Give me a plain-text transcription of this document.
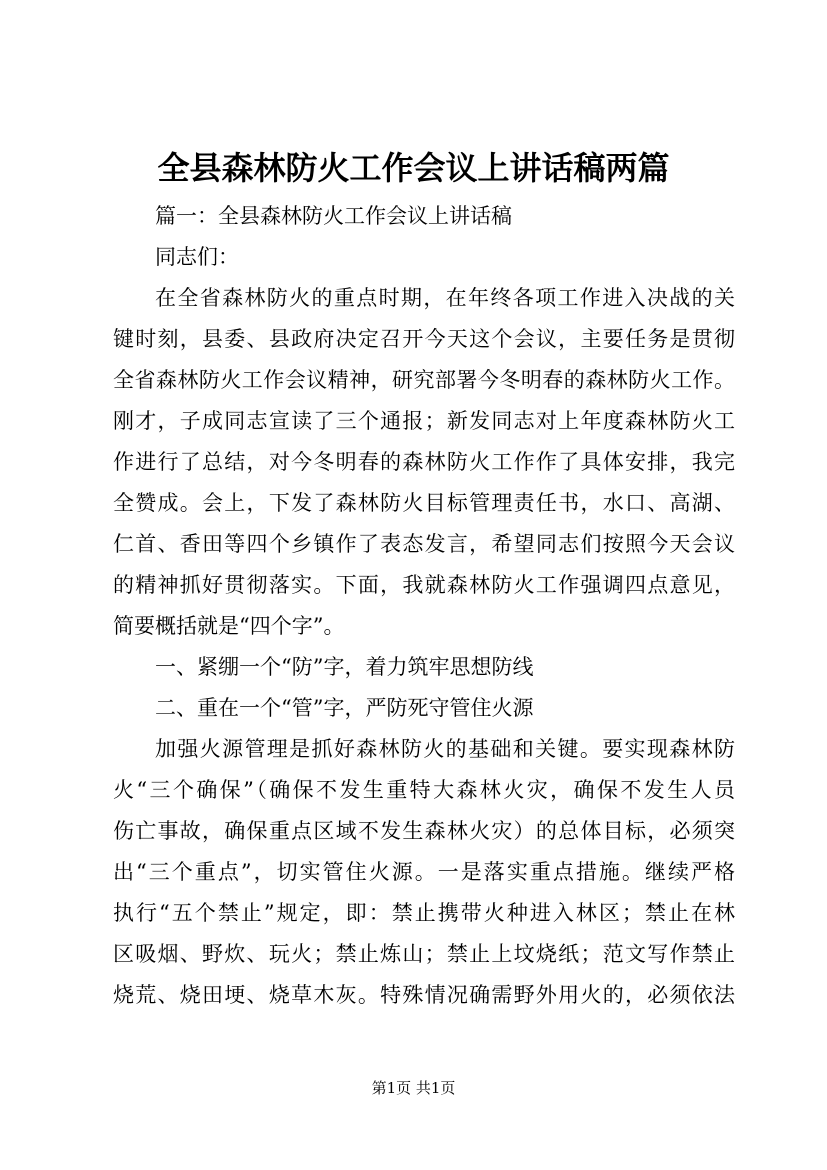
全县森林防火工作会议上讲话稿两篇
篇一：全县森林防火工作会议上讲话稿
同志们：
在全省森林防火的重点时期，在年终各项工作进入决战的关
键时刻，县委、县政府决定召开今天这个会议，主要任务是贯彻
全省森林防火工作会议精神，研究部署今冬明春的森林防火工作。
刚才，子成同志宣读了三个通报；新发同志对上年度森林防火工
作进行了总结，对今冬明春的森林防火工作作了具体安排，我完
全赞成。会上，下发了森林防火目标管理责任书，水口、高湖、
仁首、香田等四个乡镇作了表态发言，希望同志们按照今天会议
的精神抓好贯彻落实。下面，我就森林防火工作强调四点意见，
简要概括就是“四个字”。
一、紧绷一个“防”字，着力筑牢思想防线
二、重在一个“管”字，严防死守管住火源
加强火源管理是抓好森林防火的基础和关键。要实现森林防
火“三个确保”（确保不发生重特大森林火灾，确保不发生人员
伤亡事故，确保重点区域不发生森林火灾）的总体目标，必须突
出“三个重点”，切实管住火源。一是落实重点措施。继续严格
执行“五个禁止”规定，即：禁止携带火种进入林区；禁止在林
区吸烟、野炊、玩火；禁止炼山；禁止上坟烧纸；范文写作禁止
烧荒、烧田埂、烧草木灰。特殊情况确需野外用火的，必须依法
第1页 共1页
